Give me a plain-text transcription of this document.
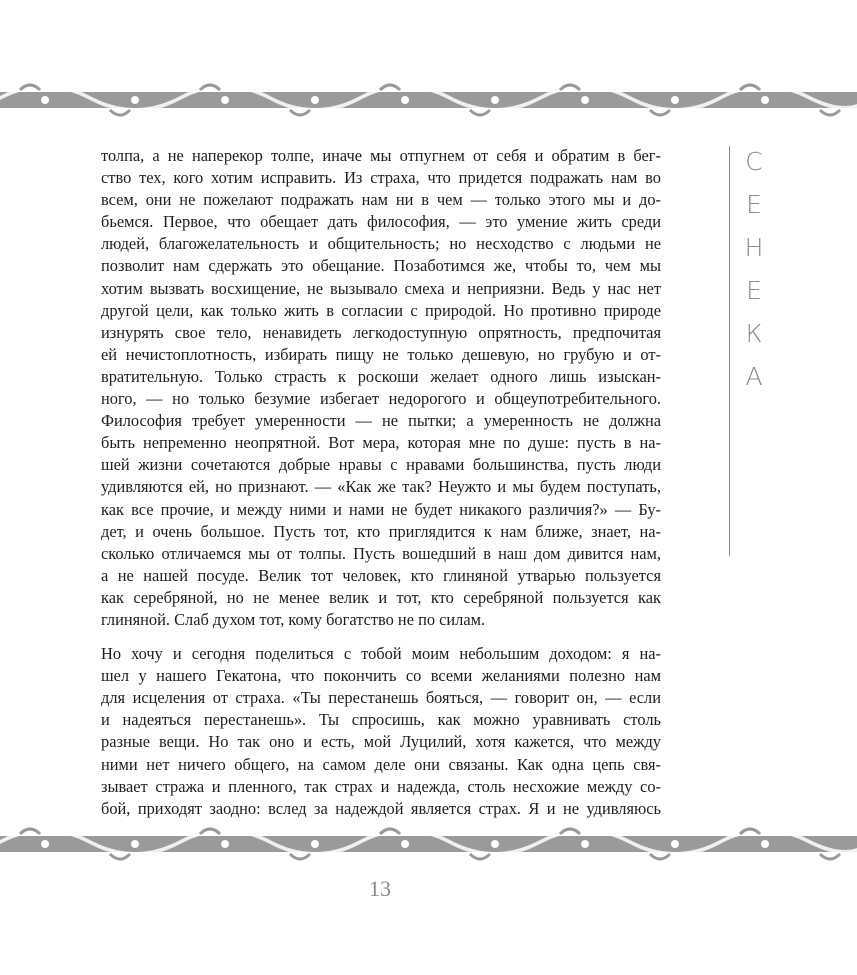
С
Е
Н
Е
К
А
толпа, а не наперекор толпе, иначе мы отпугнем от себя и обратим в бег-
ство тех, кого хотим исправить. Из страха, что придется подражать нам во
всем, они не пожелают подражать нам ни в чем — только этого мы и до-
бьемся. Первое, что обещает дать философия, — это умение жить среди
людей, благожелательность и общительность; но несходство с людьми не
позволит нам сдержать это обещание. Позаботимся же, чтобы то, чем мы
хотим вызвать восхищение, не вызывало смеха и неприязни. Ведь у нас нет
другой цели, как только жить в согласии с природой. Но противно природе
изнурять свое тело, ненавидеть легкодоступную опрятность, предпочитая
ей нечистоплотность, избирать пищу не только дешевую, но грубую и от-
вратительную. Только страсть к роскоши желает одного лишь изыскан-
ного, — но только безумие избегает недорогого и общеупотребительного.
Философия требует умеренности — не пытки; а умеренность не должна
быть непременно неопрятной. Вот мера, которая мне по душе: пусть в на-
шей жизни сочетаются добрые нравы с нравами большинства, пусть люди
удивляются ей, но признают. — «Как же так? Неужто и мы будем поступать,
как все прочие, и между ними и нами не будет никакого различия?» — Бу-
дет, и очень большое. Пусть тот, кто приглядится к нам ближе, знает, на-
сколько отличаемся мы от толпы. Пусть вошедший в наш дом дивится нам,
а не нашей посуде. Велик тот человек, кто глиняной утварью пользуется
как серебряной, но не менее велик и тот, кто серебряной пользуется как
глиняной. Слаб духом тот, кому богатство не по силам.
Но хочу и сегодня поделиться с тобой моим небольшим доходом: я на-
шел у нашего Гекатона, что покончить со всеми желаниями полезно нам
для исцеления от страха. «Ты перестанешь бояться, — говорит он, — если
и надеяться перестанешь». Ты спросишь, как можно уравнивать столь
разные вещи. Но так оно и есть, мой Луцилий, хотя кажется, что между
ними нет ничего общего, на самом деле они связаны. Как одна цепь свя-
зывает стража и пленного, так страх и надежда, столь несхожие между со-
бой, приходят заодно: вслед за надеждой является страх. Я и не удивляюсь
13
